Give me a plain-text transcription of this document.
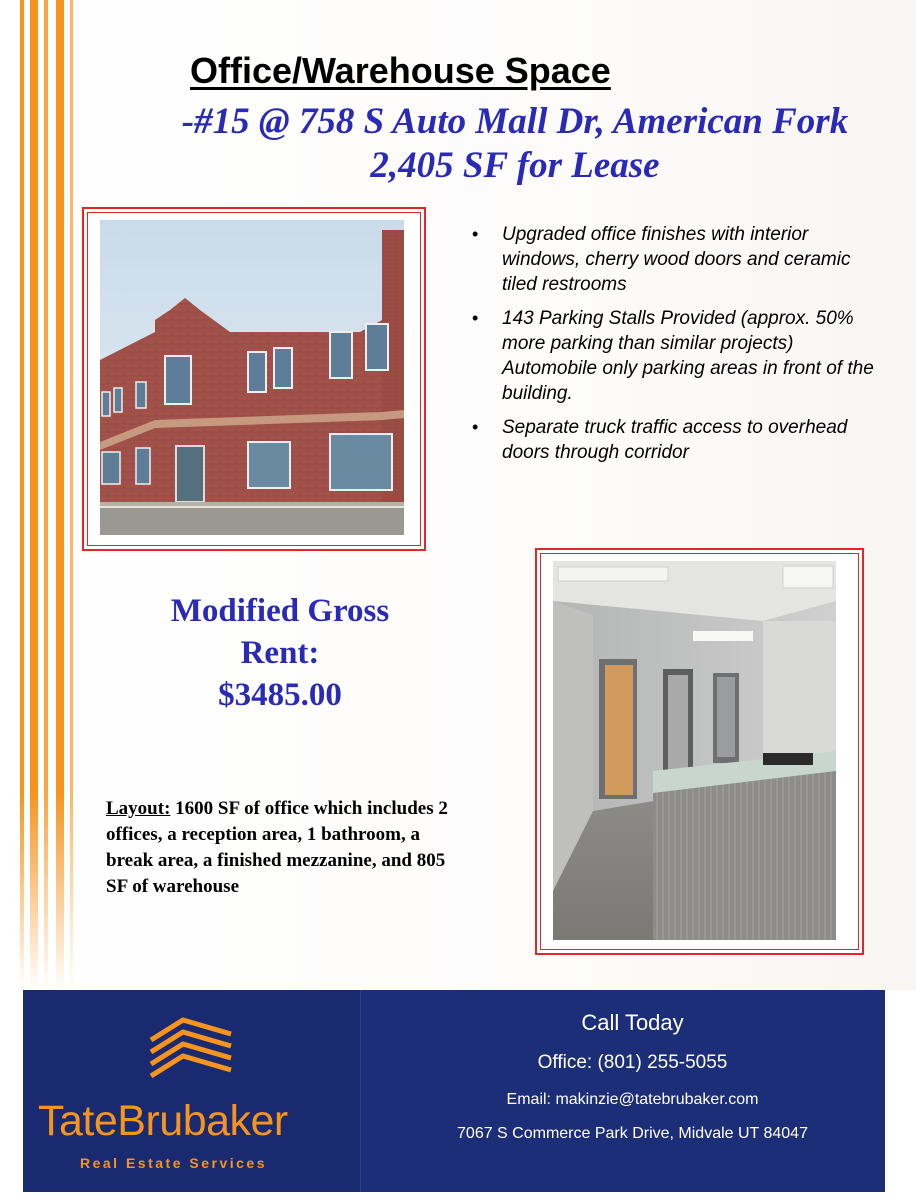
Office/Warehouse Space
-#15 @ 758 S Auto Mall Dr, American Fork
2,405 SF for Lease
• Upgraded office finishes with interior windows, cherry wood doors and ceramic tiled restrooms
• 143 Parking Stalls Provided (approx. 50% more parking than similar projects) Automobile only parking areas in front of the building.
• Separate truck traffic access to overhead doors through corridor
Modified Gross
Rent:
$3485.00

Layout: 1600 SF of office which includes 2 offices, a reception area, 1 bathroom, a break area, a finished mezzanine, and 805 SF of warehouse

TateBrubaker

Real Estate Services

Call Today

Office: (801) 255-5055

Email: makinzie@tatebrubaker.com

7067 S Commerce Park Drive, Midvale UT 84047
